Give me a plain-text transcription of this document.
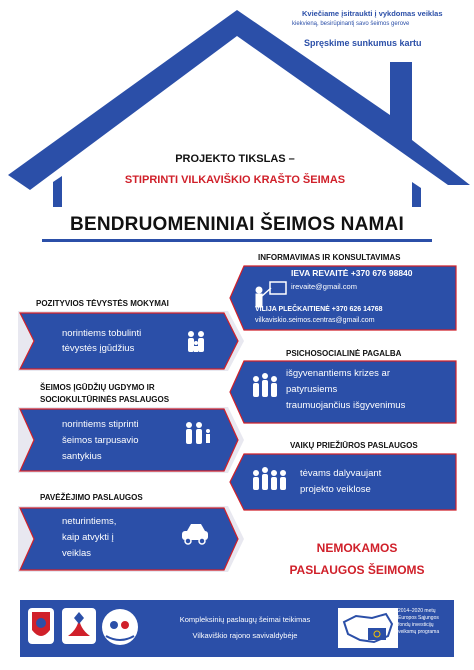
Kviečiame įsitraukti į vykdomas veiklas
kiekvieną, besirūpinantį savo šeimos gerove
Spręskime sunkumus kartu
PROJEKTO TIKSLAS –
STIPRINTI VILKAVIŠKIO KRAŠTO ŠEIMAS
BENDRUOMENINIAI ŠEIMOS NAMAI
INFORMAVIMAS IR KONSULTAVIMAS
IEVA REVAITĖ +370 676 98840
irevaite@gmail.com
VILIJA PLEČKAITIENĖ +370 626 14768
vilkaviskio.seimos.centras@gmail.com
POZITYVIOS TĖVYSTĖS MOKYMAI
norintiems tobulinti
tėvystės įgūdžius	PSICHOSOCIALINĖ PAGALBA
išgyvenantiems krizes ar
patyrusiems
traumuojančius išgyvenimus
ŠEIMOS ĮGŪDŽIŲ UGDYMO IR
SOCIOKULTŪRINĖS PASLAUGOS
norintiems stiprinti
šeimos tarpusavio
santykius
VAIKŲ PRIEŽIŪROS PASLAUGOS
tėvams dalyvaujant
projekto veiklose
PAVĖŽĖJIMO PASLAUGOS
neturintiems,
kaip atvykti į
veiklas	NEMOKAMOS
PASLAUGOS ŠEIMOMS
Kompleksinių paslaugų šeimai teikimas
Vilkaviškio rajono savivaldybėje
2014–2020 metų Europos Sąjungos fondų investicijų veiksmų programa
